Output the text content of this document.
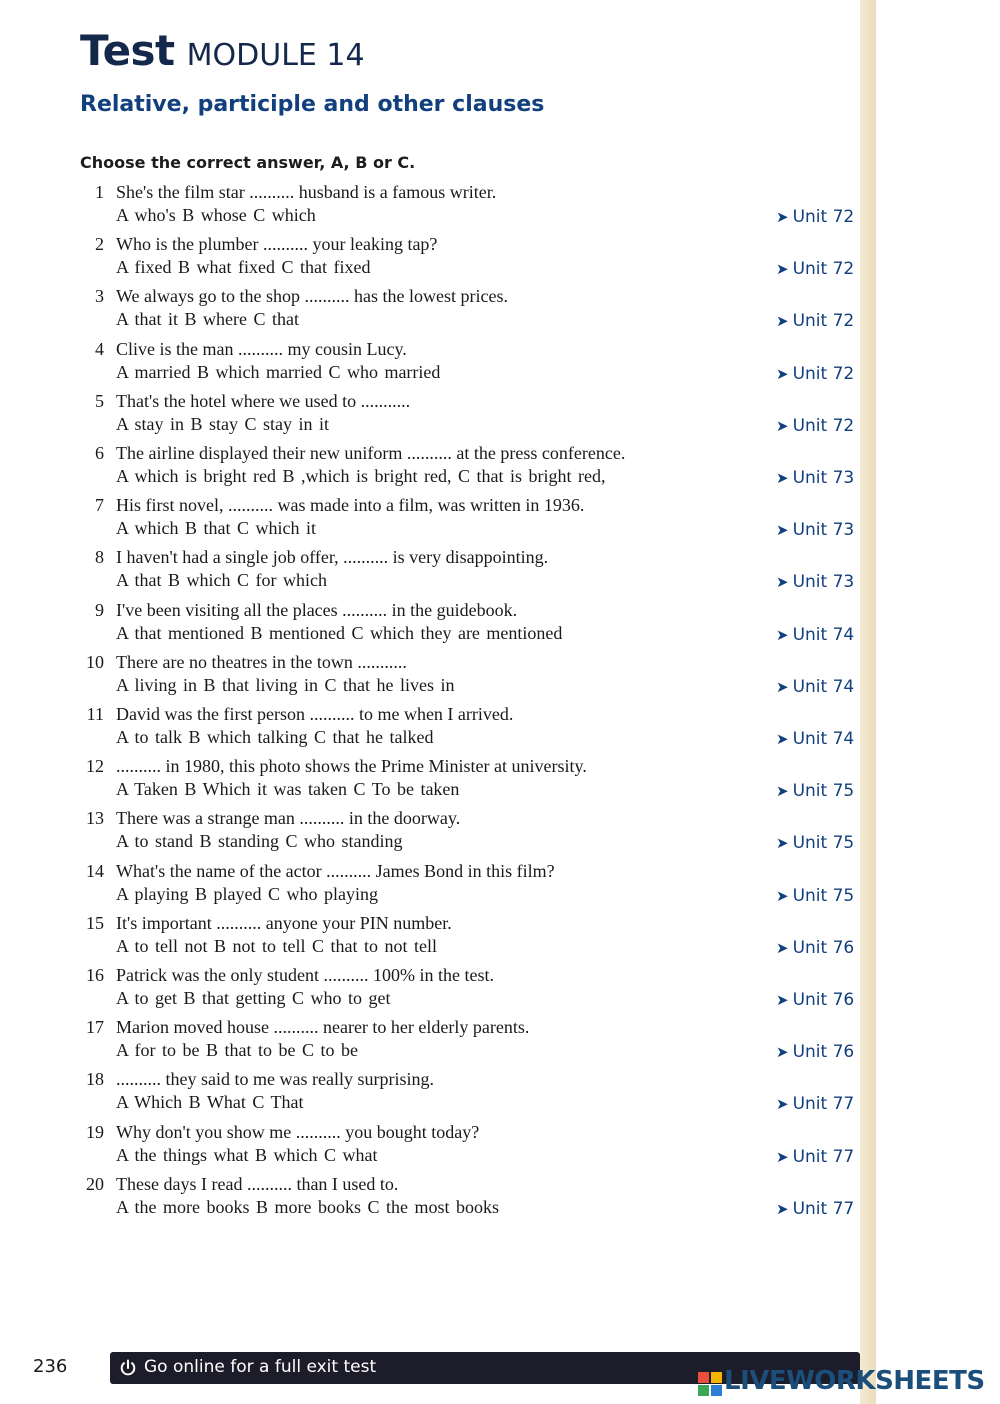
Test MODULE 14
Relative, participle and other clauses
Choose the correct answer, A, B or C.
1 She's the film star .......... husband is a famous writer.
A who's B whose C which	➤ Unit 72
2 Who is the plumber .......... your leaking tap?
A fixed B what fixed C that fixed	➤ Unit 72
3 We always go to the shop .......... has the lowest prices.
A that it B where C that	➤ Unit 72
4 Clive is the man .......... my cousin Lucy.
A married B which married C who married	➤ Unit 72
5 That's the hotel where we used to ...........
A stay in B stay C stay in it	➤ Unit 72
6 The airline displayed their new uniform .......... at the press conference.
A which is bright red B ,which is bright red, C that is bright red,	➤ Unit 73
7 His first novel, .......... was made into a film, was written in 1936.
A which B that C which it	➤ Unit 73
8 I haven't had a single job offer, .......... is very disappointing.
A that B which C for which	➤ Unit 73
9 I've been visiting all the places .......... in the guidebook.
A that mentioned B mentioned C which they are mentioned	➤ Unit 74
10 There are no theatres in the town ...........
A living in B that living in C that he lives in	➤ Unit 74
11 David was the first person .......... to me when I arrived.
A to talk B which talking C that he talked	➤ Unit 74
12 .......... in 1980, this photo shows the Prime Minister at university.
A Taken B Which it was taken C To be taken	➤ Unit 75
13 There was a strange man .......... in the doorway.
A to stand B standing C who standing	➤ Unit 75
14 What's the name of the actor .......... James Bond in this film?
A playing B played C who playing	➤ Unit 75
15 It's important .......... anyone your PIN number.
A to tell not B not to tell C that to not tell	➤ Unit 76
16 Patrick was the only student .......... 100% in the test.
A to get B that getting C who to get	➤ Unit 76
17 Marion moved house .......... nearer to her elderly parents.
A for to be B that to be C to be	➤ Unit 76
18 .......... they said to me was really surprising.
A Which B What C That	➤ Unit 77
19 Why don't you show me .......... you bought today?
A the things what B which C what	➤ Unit 77
20 These days I read .......... than I used to.
A the more books B more books C the most books	➤ Unit 77
236	Go online for a full exit test	LIVEWORKSHEETS
